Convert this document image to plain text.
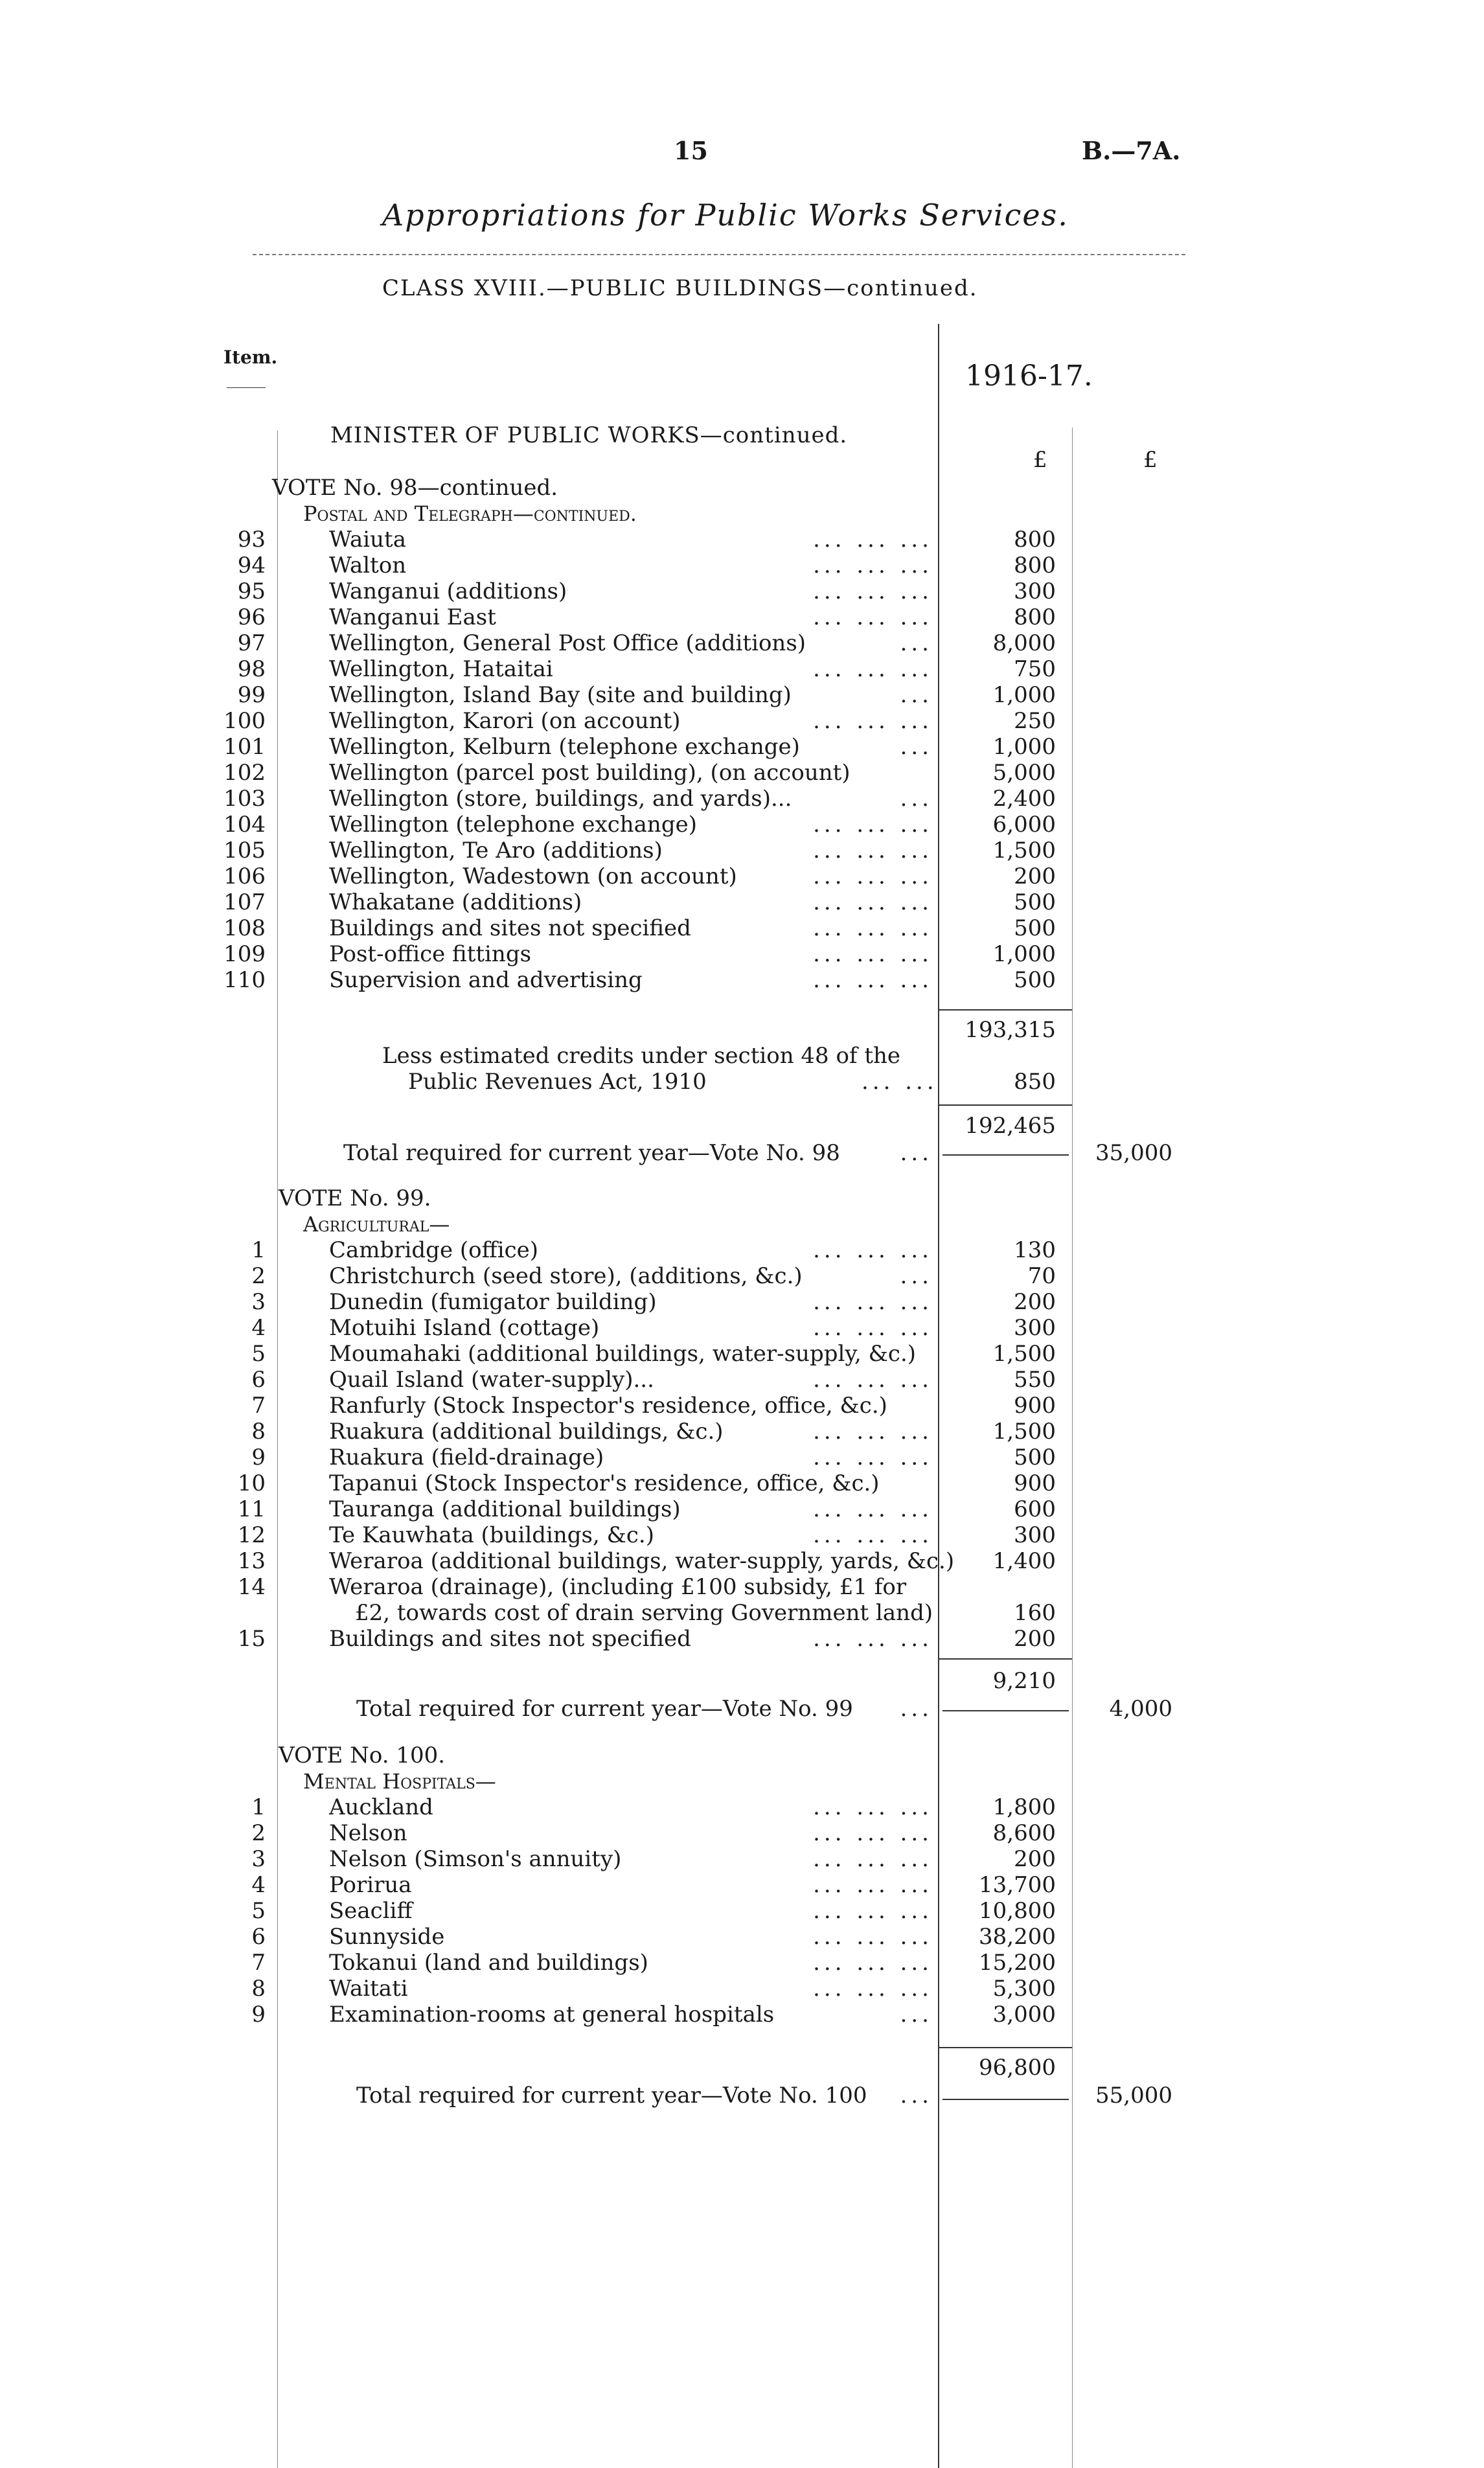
15	B.—7A.
Appropriations for Public Works Services.
CLASS XVIII.—PUBLIC BUILDINGS—continued.
Item.
1916-17.
£	£
MINISTER OF PUBLIC WORKS—continued.
VOTE No. 98—continued.
Postal and Telegraph—continued.
93	Waiuta	... ... ...	800
94	Walton	... ... ...	800
95	Wanganui (additions)	... ... ...	300
96	Wanganui East	... ... ...	800
97	Wellington, General Post Office (additions)	...	8,000
98	Wellington, Hataitai	... ... ...	750
99	Wellington, Island Bay (site and building)	...	1,000
100	Wellington, Karori (on account)	... ... ...	250
101	Wellington, Kelburn (telephone exchange)	...	1,000
102	Wellington (parcel post building), (on account)	5,000
103	Wellington (store, buildings, and yards)...	...	2,400
104	Wellington (telephone exchange)	... ... ...	6,000
105	Wellington, Te Aro (additions)	... ... ...	1,500
106	Wellington, Wadestown (on account)	... ... ...	200
107	Whakatane (additions)	... ... ...	500
108	Buildings and sites not specified	... ... ...	500
109	Post-office fittings	... ... ...	1,000
110	Supervision and advertising	... ... ...	500
193,315
Less estimated credits under section 48 of the
Public Revenues Act, 1910	... ...	850
192,465
Total required for current year—Vote No. 98	...	35,000
VOTE No. 99.
Agricultural—
1	Cambridge (office)	... ... ...	130
2	Christchurch (seed store), (additions, &c.)	...	70
3	Dunedin (fumigator building)	... ... ...	200
4	Motuihi Island (cottage)	... ... ...	300
5	Moumahaki (additional buildings, water-supply, &c.)	1,500
6	Quail Island (water-supply)...	... ... ...	550
7	Ranfurly (Stock Inspector's residence, office, &c.)	900
8	Ruakura (additional buildings, &c.)	... ... ...	1,500
9	Ruakura (field-drainage)	... ... ...	500
10	Tapanui (Stock Inspector's residence, office, &c.)	900
11	Tauranga (additional buildings)	... ... ...	600
12	Te Kauwhata (buildings, &c.)	... ... ...	300
13	Weraroa (additional buildings, water-supply, yards, &c.)	1,400
14	Weraroa (drainage), (including £100 subsidy, £1 for
£2, towards cost of drain serving Government land)	160
15	Buildings and sites not specified	... ... ...	200
9,210
Total required for current year—Vote No. 99 ...	4,000
VOTE No. 100.
Mental Hospitals—
1	Auckland	... ... ...	1,800
2	Nelson	... ... ...	8,600
3	Nelson (Simson's annuity)	... ... ...	200
4	Porirua	... ... ...	13,700
5	Seacliff	... ... ...	10,800
6	Sunnyside	... ... ...	38,200
7	Tokanui (land and buildings)	... ... ...	15,200
8	Waitati	... ... ...	5,300
9	Examination-rooms at general hospitals	...	3,000
96,800
Total required for current year—Vote No. 100 ...	55,000
